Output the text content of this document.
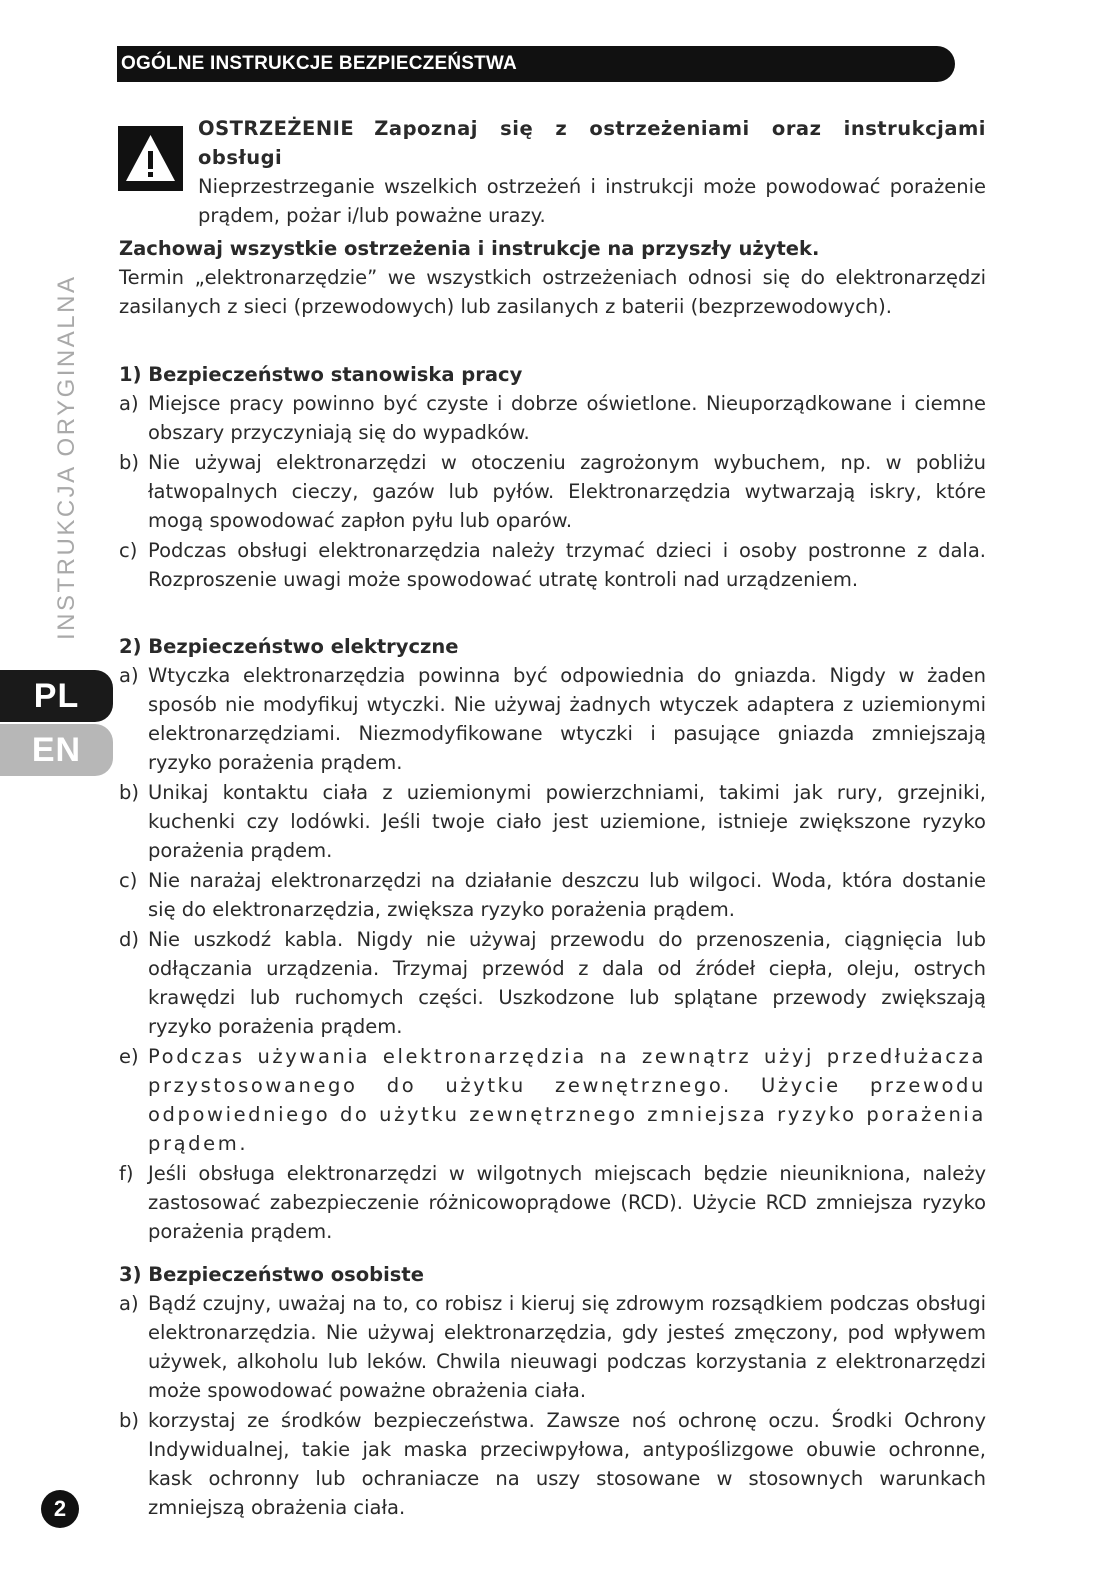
OGÓLNE INSTRUKCJE BEZPIECZEŃSTWA

OSTRZEŻENIE Zapoznaj się z ostrzeżeniami oraz instrukcjami obsługi
Nieprzestrzeganie wszelkich ostrzeżeń i instrukcji może powodować porażenie prądem, pożar i/lub poważne urazy.

Zachowaj wszystkie ostrzeżenia i instrukcje na przyszły użytek.

Termin „elektronarzędzie” we wszystkich ostrzeżeniach odnosi się do elektronarzędzi zasilanych z sieci (przewodowych) lub zasilanych z baterii (bezprzewodowych).

1) Bezpieczeństwo stanowiska pracy
a) Miejsce pracy powinno być czyste i dobrze oświetlone. Nieuporządkowane i ciemne obszary przyczyniają się do wypadków.
b) Nie używaj elektronarzędzi w otoczeniu zagrożonym wybuchem, np. w pobliżu łatwopalnych cieczy, gazów lub pyłów. Elektronarzędzia wytwarzają iskry, które mogą spowodować zapłon pyłu lub oparów.
c) Podczas obsługi elektronarzędzia należy trzymać dzieci i osoby postronne z dala. Rozproszenie uwagi może spowodować utratę kontroli nad urządzeniem.
2) Bezpieczeństwo elektryczne
a) Wtyczka elektronarzędzia powinna być odpowiednia do gniazda. Nigdy w żaden sposób nie modyfikuj wtyczki. Nie używaj żadnych wtyczek adaptera z uziemionymi elektronarzędziami. Niezmodyfikowane wtyczki i pasujące gniazda zmniejszają ryzyko porażenia prądem.
b) Unikaj kontaktu ciała z uziemionymi powierzchniami, takimi jak rury, grzejniki, kuchenki czy lodówki. Jeśli twoje ciało jest uziemione, istnieje zwiększone ryzyko porażenia prądem.
c) Nie narażaj elektronarzędzi na działanie deszczu lub wilgoci. Woda, która dostanie się do elektronarzędzia, zwiększa ryzyko porażenia prądem.
d) Nie uszkodź kabla. Nigdy nie używaj przewodu do przenoszenia, ciągnięcia lub odłączania urządzenia. Trzymaj przewód z dala od źródeł ciepła, oleju, ostrych krawędzi lub ruchomych części. Uszkodzone lub splątane przewody zwiększają ryzyko porażenia prądem.
e) Podczas używania elektronarzędzia na zewnątrz użyj przedłużacza przystosowanego do użytku zewnętrznego. Użycie przewodu odpowiedniego do użytku zewnętrznego zmniejsza ryzyko porażenia prądem.
f) Jeśli obsługa elektronarzędzi w wilgotnych miejscach będzie nieunikniona, należy zastosować zabezpieczenie różnicowoprądowe (RCD). Użycie RCD zmniejsza ryzyko porażenia prądem.
3) Bezpieczeństwo osobiste
a) Bądź czujny, uważaj na to, co robisz i kieruj się zdrowym rozsądkiem podczas obsługi elektronarzędzia. Nie używaj elektronarzędzia, gdy jesteś zmęczony, pod wpływem używek, alkoholu lub leków. Chwila nieuwagi podczas korzystania z elektronarzędzi może spowodować poważne obrażenia ciała.
b) korzystaj ze środków bezpieczeństwa. Zawsze noś ochronę oczu. Środki Ochrony Indywidualnej, takie jak maska przeciwpyłowa, antypoślizgowe obuwie ochronne, kask ochronny lub ochraniacze na uszy stosowane w stosownych warunkach zmniejszą obrażenia ciała.
INSTRUKCJA ORYGINALNA
PL
EN
2
